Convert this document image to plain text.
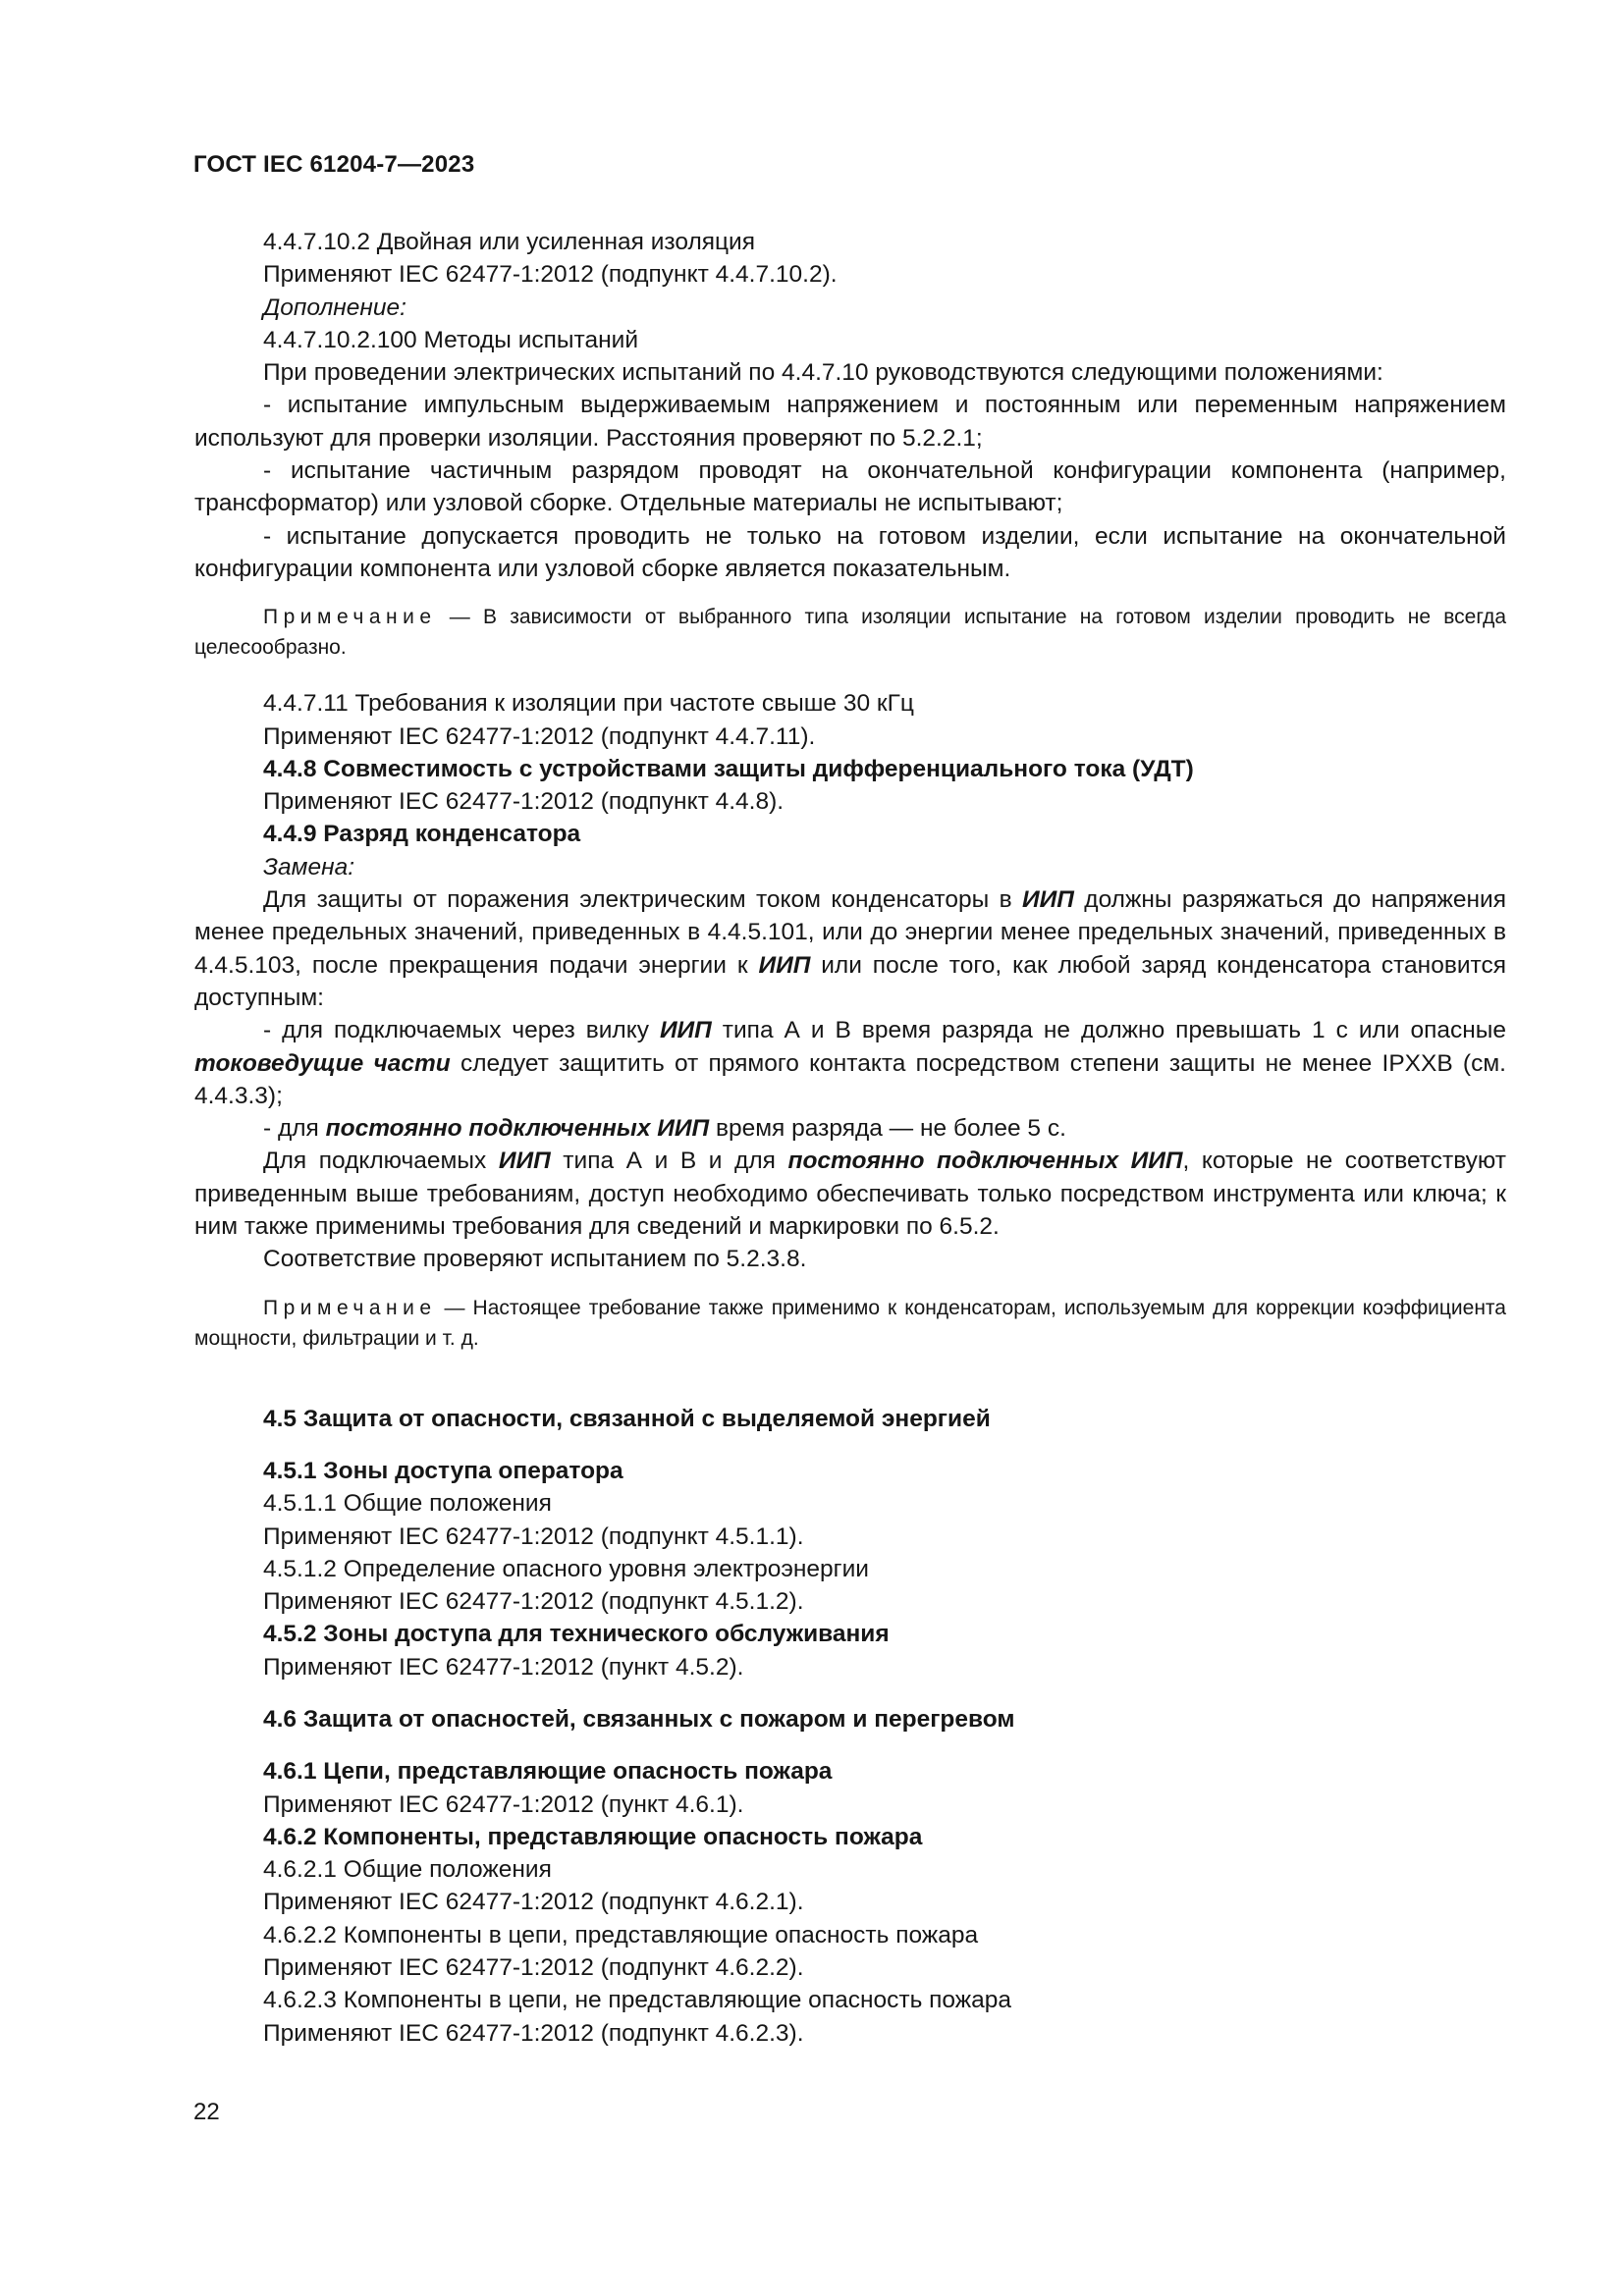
ГОСТ IEC 61204-7—2023

4.4.7.10.2 Двойная или усиленная изоляция

Применяют IEC 62477-1:2012 (подпункт 4.4.7.10.2).

Дополнение:

4.4.7.10.2.100 Методы испытаний

При проведении электрических испытаний по 4.4.7.10 руководствуются следующими положениями:

- испытание импульсным выдерживаемым напряжением и постоянным или переменным напряжением используют для проверки изоляции. Расстояния проверяют по 5.2.2.1;

- испытание частичным разрядом проводят на окончательной конфигурации компонента (например, трансформатор) или узловой сборке. Отдельные материалы не испытывают;

- испытание допускается проводить не только на готовом изделии, если испытание на окончательной конфигурации компонента или узловой сборке является показательным.

Примечание — В зависимости от выбранного типа изоляции испытание на готовом изделии проводить не всегда целесообразно.

4.4.7.11 Требования к изоляции при частоте свыше 30 кГц

Применяют IEC 62477-1:2012 (подпункт 4.4.7.11).

4.4.8 Совместимость с устройствами защиты дифференциального тока (УДТ)

Применяют IEC 62477-1:2012 (подпункт 4.4.8).

4.4.9 Разряд конденсатора

Замена:

Для защиты от поражения электрическим током конденсаторы в ИИП должны разряжаться до напряжения менее предельных значений, приведенных в 4.4.5.101, или до энергии менее предельных значений, приведенных в 4.4.5.103, после прекращения подачи энергии к ИИП или после того, как любой заряд конденсатора становится доступным:

- для подключаемых через вилку ИИП типа А и В время разряда не должно превышать 1 с или опасные токоведущие части следует защитить от прямого контакта посредством степени защиты не менее IPXXB (см. 4.4.3.3);

- для постоянно подключенных ИИП время разряда — не более 5 с.

Для подключаемых ИИП типа А и В и для постоянно подключенных ИИП, которые не соответствуют приведенным выше требованиям, доступ необходимо обеспечивать только посредством инструмента или ключа; к ним также применимы требования для сведений и маркировки по 6.5.2.

Соответствие проверяют испытанием по 5.2.3.8.

Примечание — Настоящее требование также применимо к конденсаторам, используемым для коррекции коэффициента мощности, фильтрации и т. д.

4.5 Защита от опасности, связанной с выделяемой энергией

4.5.1 Зоны доступа оператора

4.5.1.1 Общие положения

Применяют IEC 62477-1:2012 (подпункт 4.5.1.1).

4.5.1.2 Определение опасного уровня электроэнергии

Применяют IEC 62477-1:2012 (подпункт 4.5.1.2).

4.5.2 Зоны доступа для технического обслуживания

Применяют IEC 62477-1:2012 (пункт 4.5.2).

4.6 Защита от опасностей, связанных с пожаром и перегревом

4.6.1 Цепи, представляющие опасность пожара

Применяют IEC 62477-1:2012 (пункт 4.6.1).

4.6.2 Компоненты, представляющие опасность пожара

4.6.2.1 Общие положения

Применяют IEC 62477-1:2012 (подпункт 4.6.2.1).

4.6.2.2 Компоненты в цепи, представляющие опасность пожара

Применяют IEC 62477-1:2012 (подпункт 4.6.2.2).

4.6.2.3 Компоненты в цепи, не представляющие опасность пожара

Применяют IEC 62477-1:2012 (подпункт 4.6.2.3).

22
